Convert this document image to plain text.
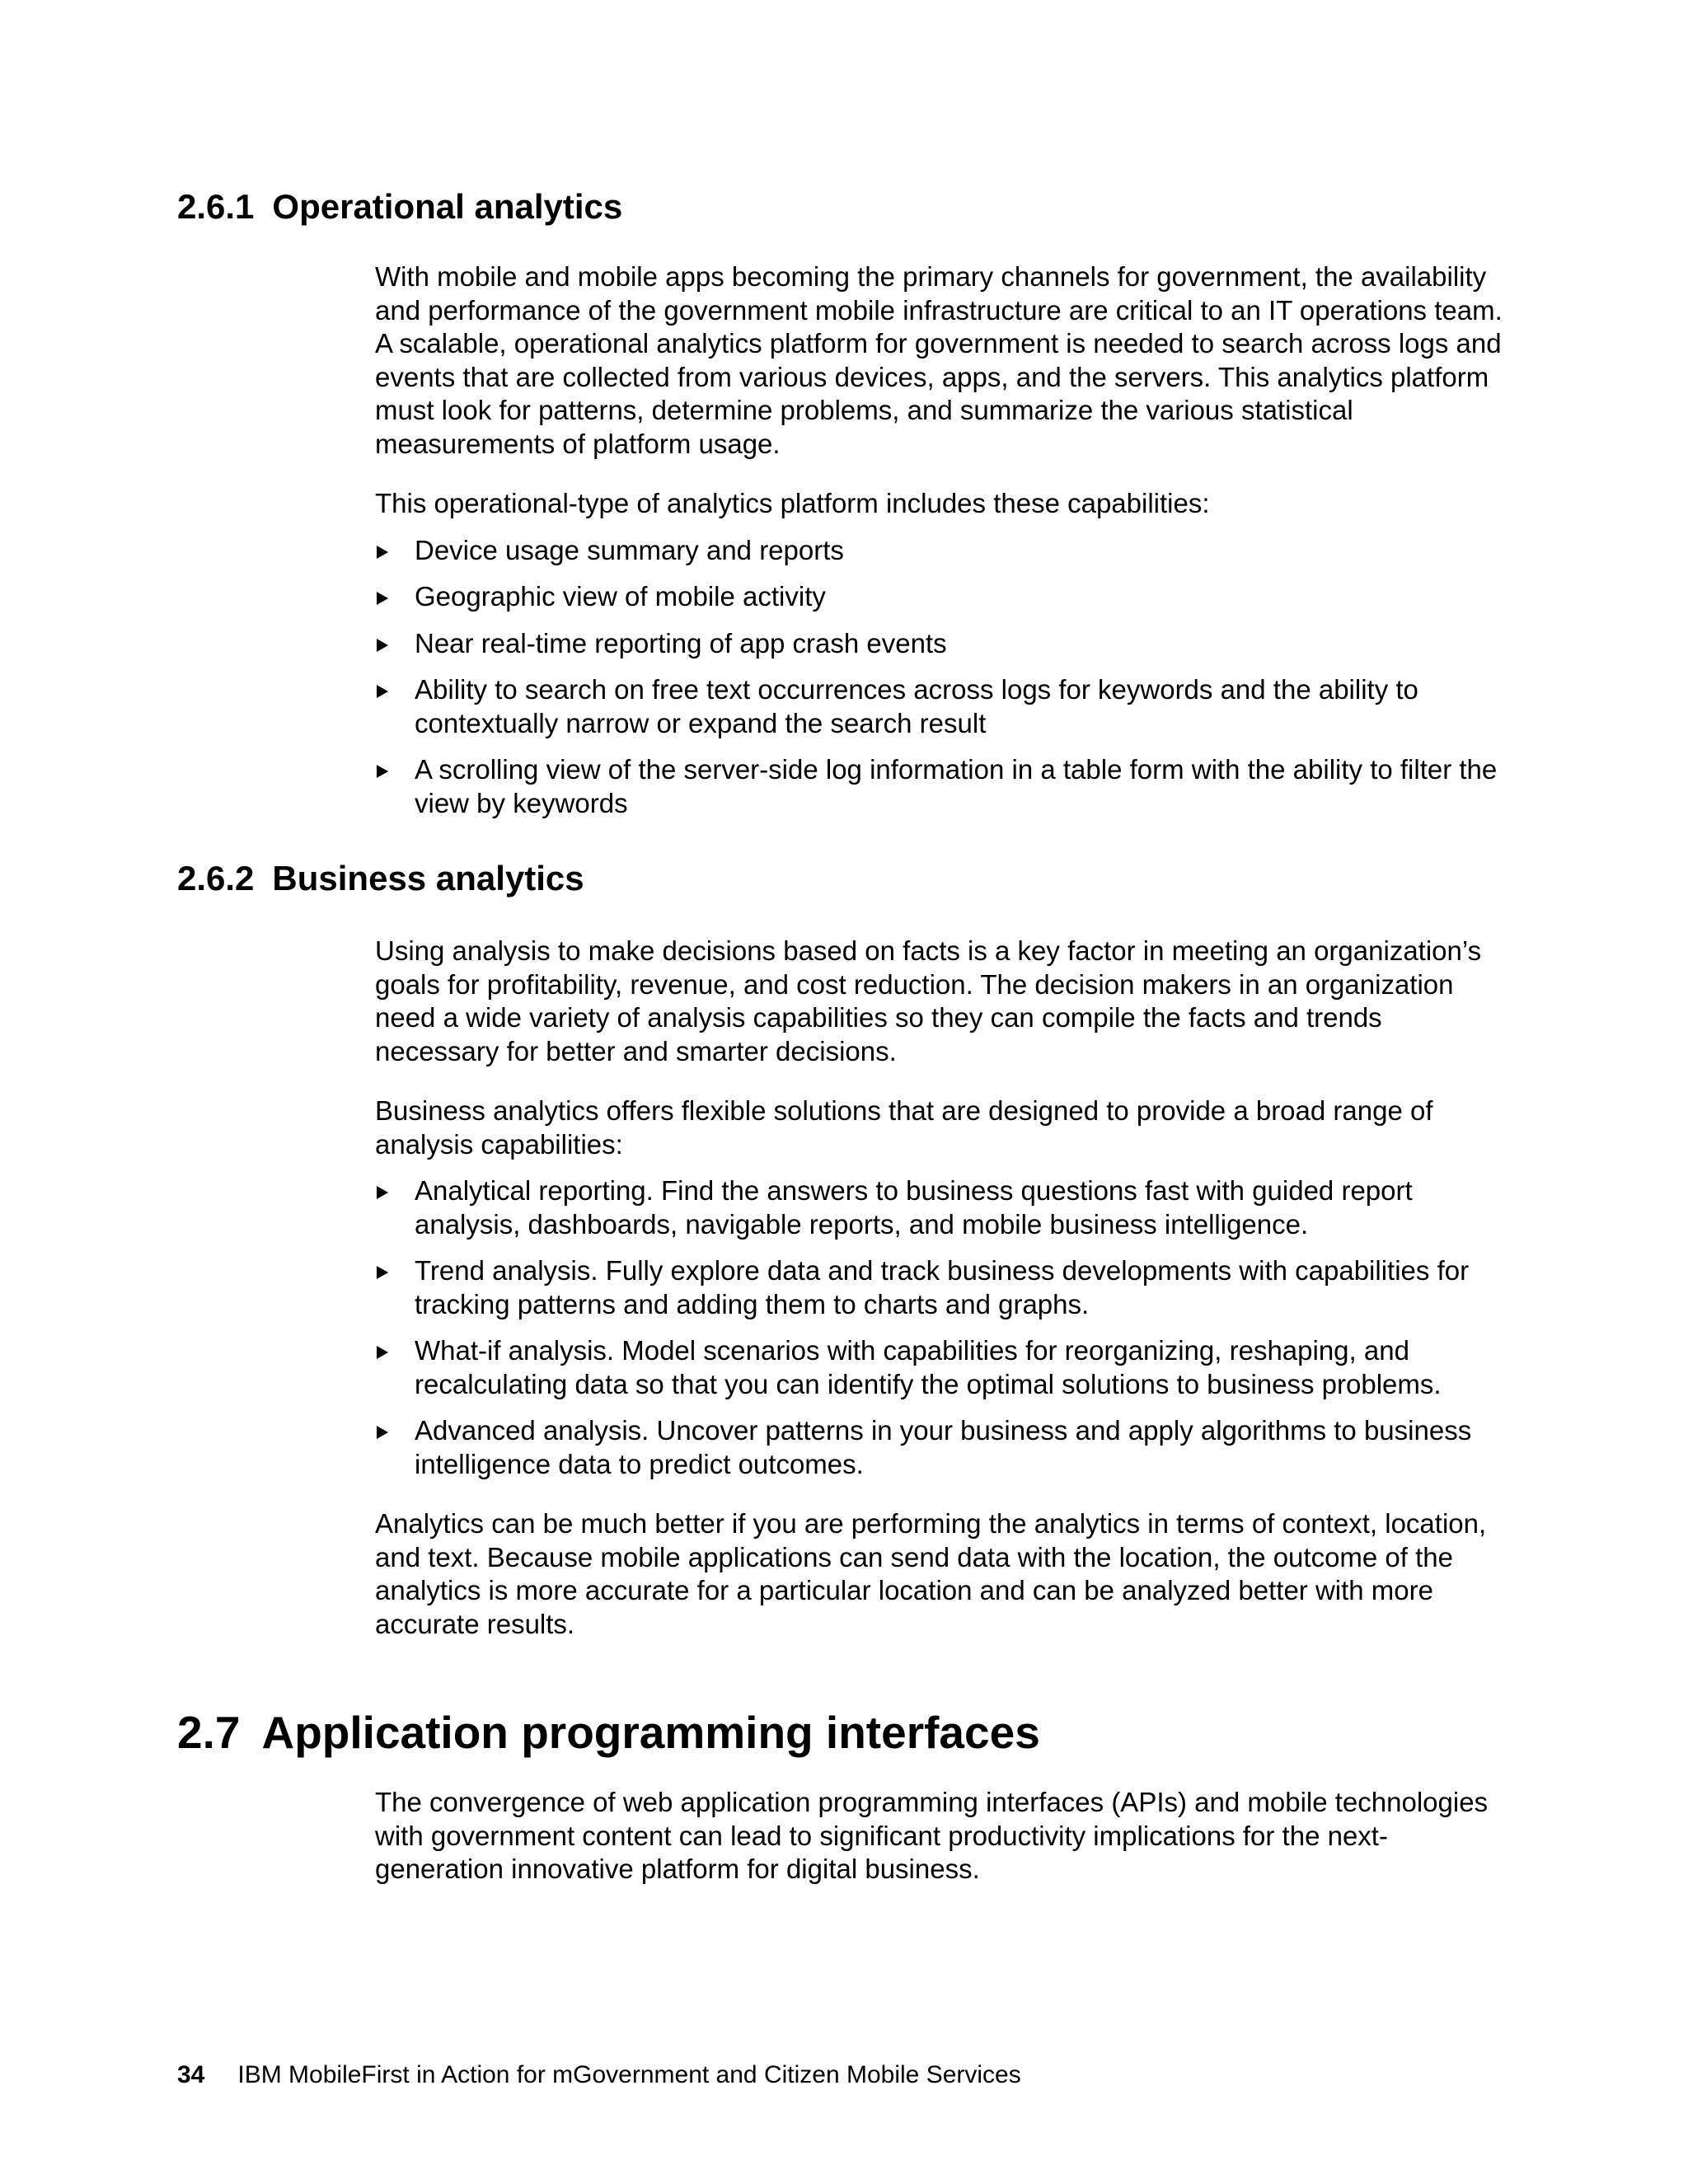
2.6.1 Operational analytics

With mobile and mobile apps becoming the primary channels for government, the availability and performance of the government mobile infrastructure are critical to an IT operations team. A scalable, operational analytics platform for government is needed to search across logs and events that are collected from various devices, apps, and the servers. This analytics platform must look for patterns, determine problems, and summarize the various statistical measurements of platform usage.

This operational-type of analytics platform includes these capabilities:

Device usage summary and reports
Geographic view of mobile activity
Near real-time reporting of app crash events
Ability to search on free text occurrences across logs for keywords and the ability to contextually narrow or expand the search result
A scrolling view of the server-side log information in a table form with the ability to filter the view by keywords
2.6.2 Business analytics

Using analysis to make decisions based on facts is a key factor in meeting an organization’s goals for profitability, revenue, and cost reduction. The decision makers in an organization need a wide variety of analysis capabilities so they can compile the facts and trends necessary for better and smarter decisions.

Business analytics offers flexible solutions that are designed to provide a broad range of analysis capabilities:

Analytical reporting. Find the answers to business questions fast with guided report analysis, dashboards, navigable reports, and mobile business intelligence.
Trend analysis. Fully explore data and track business developments with capabilities for tracking patterns and adding them to charts and graphs.
What-if analysis. Model scenarios with capabilities for reorganizing, reshaping, and recalculating data so that you can identify the optimal solutions to business problems.
Advanced analysis. Uncover patterns in your business and apply algorithms to business intelligence data to predict outcomes.

Analytics can be much better if you are performing the analytics in terms of context, location, and text. Because mobile applications can send data with the location, the outcome of the analytics is more accurate for a particular location and can be analyzed better with more accurate results.

2.7 Application programming interfaces

The convergence of web application programming interfaces (APIs) and mobile technologies with government content can lead to significant productivity implications for the next-generation innovative platform for digital business.

34 IBM MobileFirst in Action for mGovernment and Citizen Mobile Services
